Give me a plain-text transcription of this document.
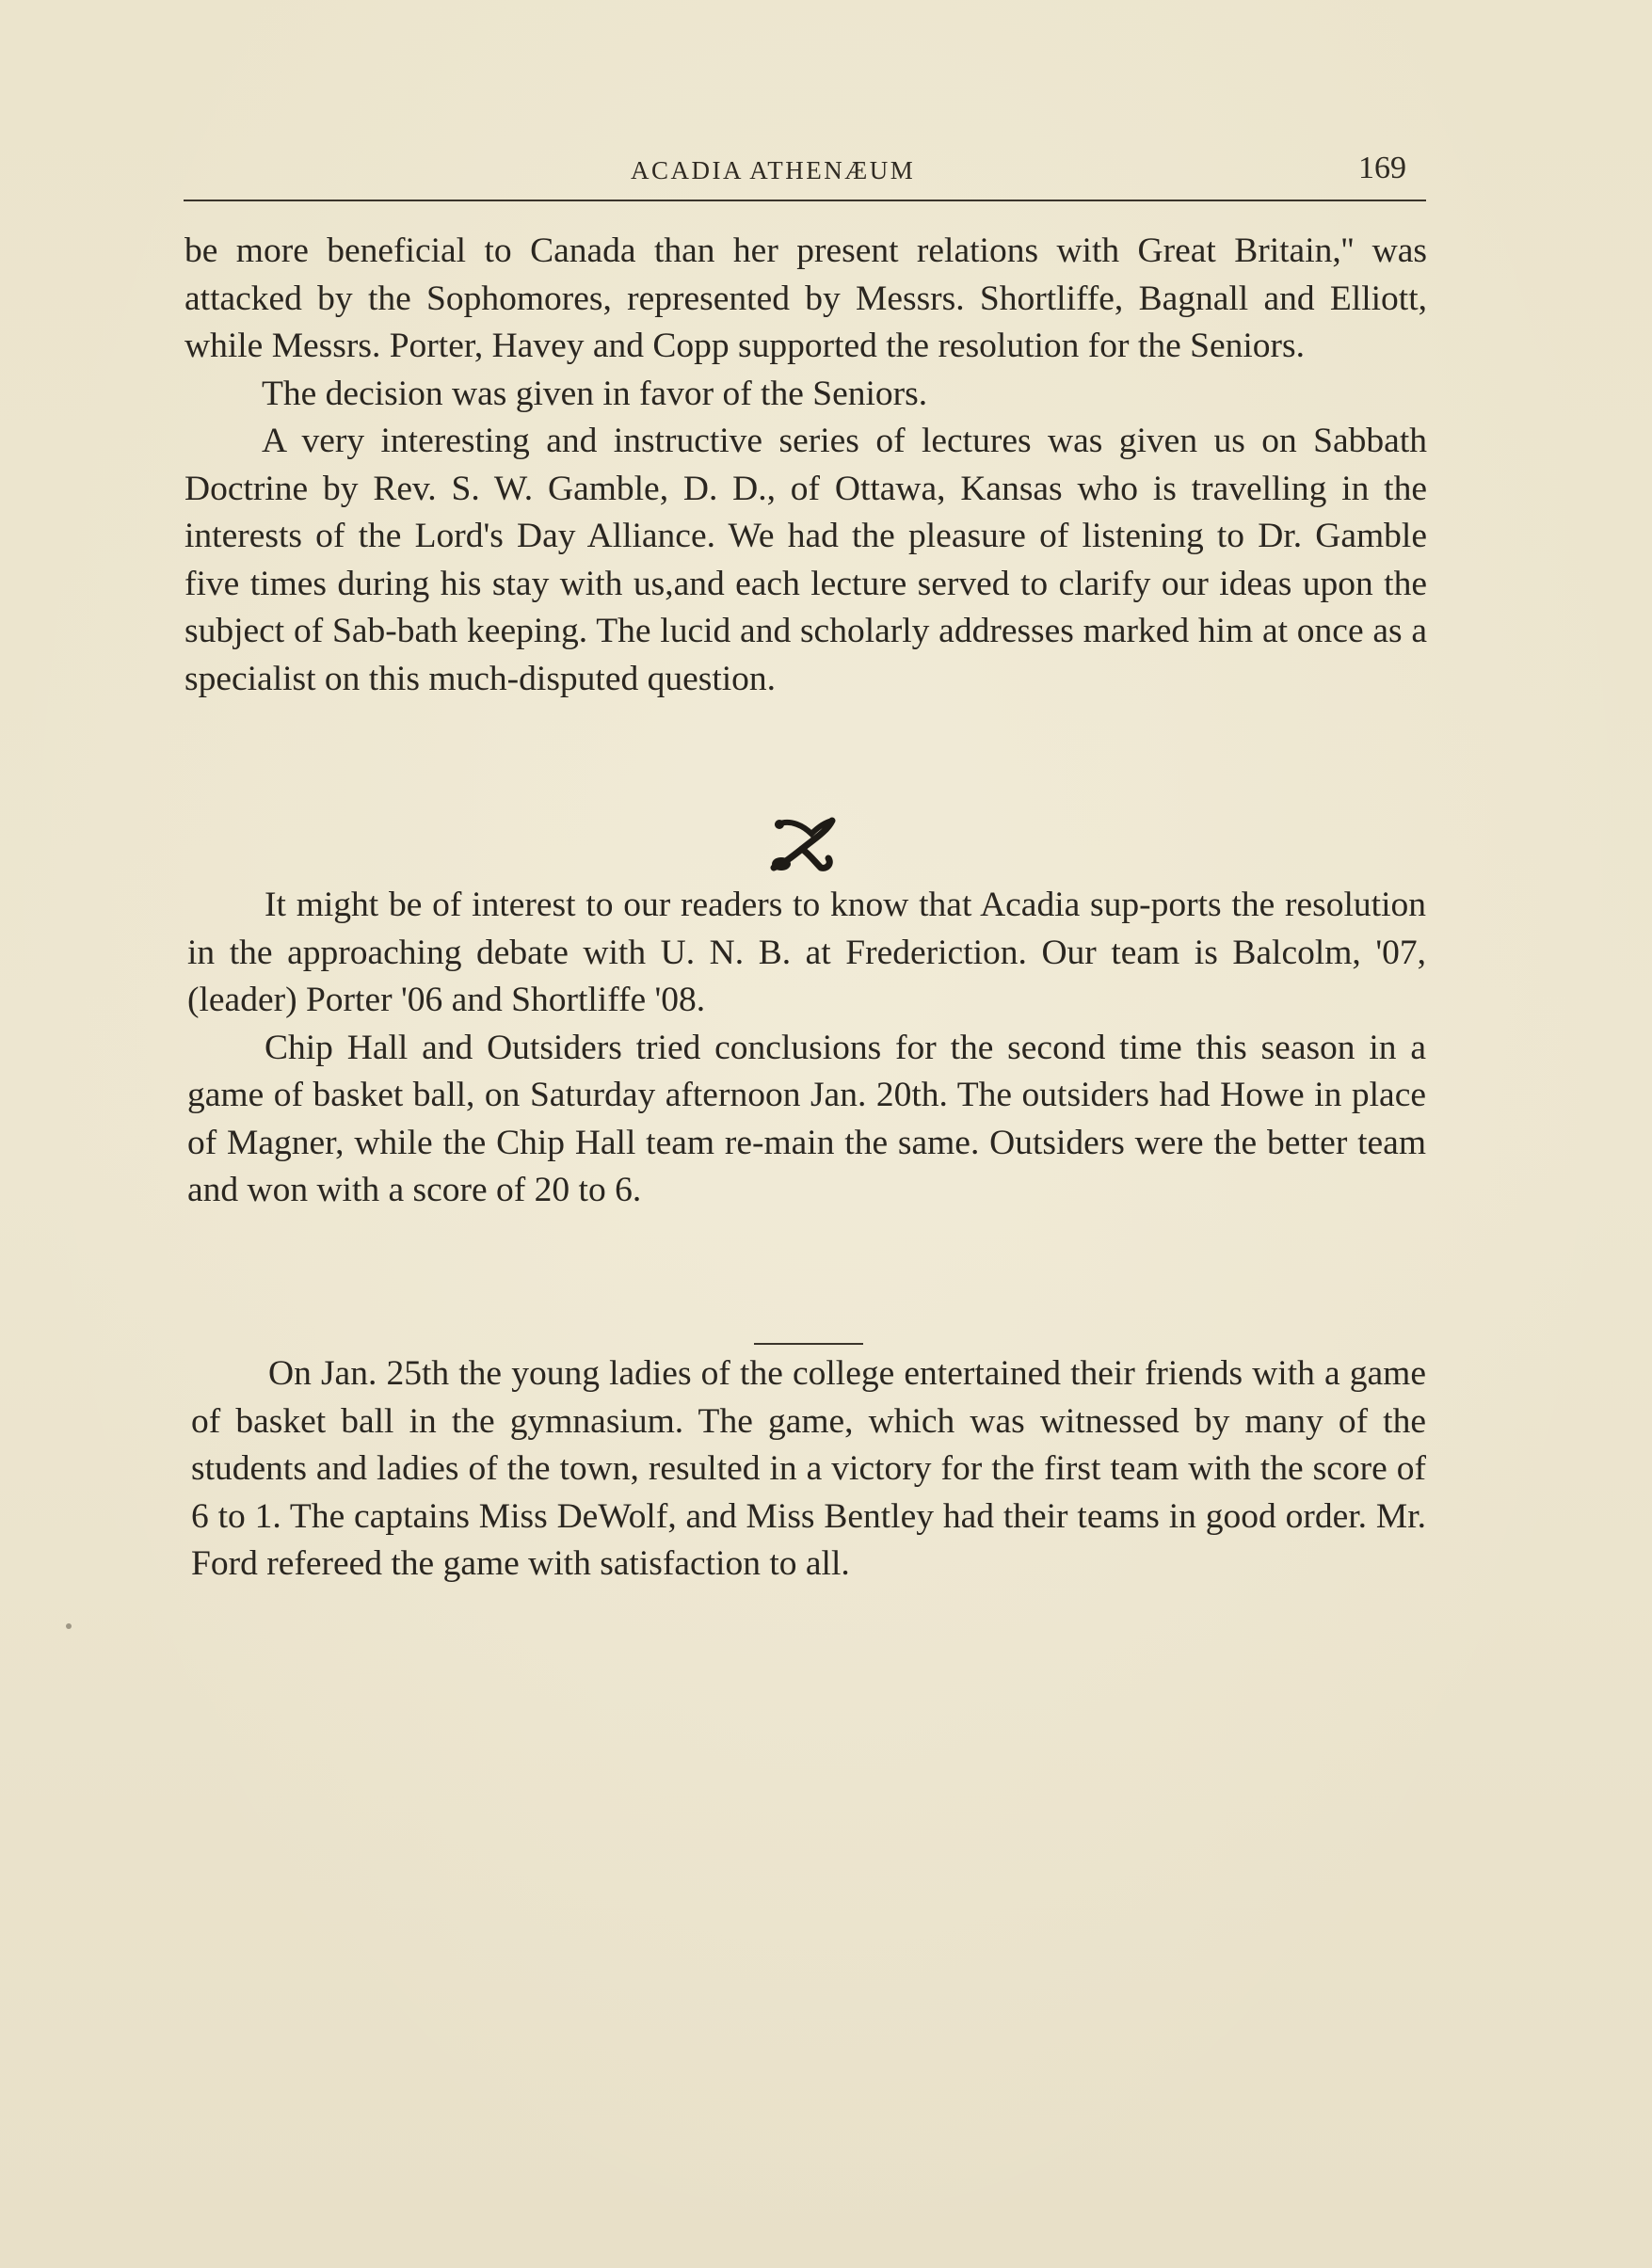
ACADIA ATHENÆUM	169

be more beneficial to Canada than her present relations with Great Britain,'' was attacked by the Sophomores, represented by Messrs. Shortliffe, Bagnall and Elliott, while Messrs. Porter, Havey and Copp supported the resolution for the Seniors.

The decision was given in favor of the Seniors.

A very interesting and instructive series of lectures was given us on Sabbath Doctrine by Rev. S. W. Gamble, D. D., of Ottawa, Kansas who is travelling in the interests of the Lord's Day Alliance. We had the pleasure of listening to Dr. Gamble five times during his stay with us,and each lecture served to clarify our ideas upon the subject of Sab-bath keeping. The lucid and scholarly addresses marked him at once as a specialist on this much-disputed question.

It might be of interest to our readers to know that Acadia sup-ports the resolution in the approaching debate with U. N. B. at Frederiction. Our team is Balcolm, '07, (leader) Porter '06 and Shortliffe '08.

Chip Hall and Outsiders tried conclusions for the second time this season in a game of basket ball, on Saturday afternoon Jan. 20th. The outsiders had Howe in place of Magner, while the Chip Hall team re-main the same. Outsiders were the better team and won with a score of 20 to 6.

On Jan. 25th the young ladies of the college entertained their friends with a game of basket ball in the gymnasium. The game, which was witnessed by many of the students and ladies of the town, resulted in a victory for the first team with the score of 6 to 1. The captains Miss DeWolf, and Miss Bentley had their teams in good order. Mr. Ford refereed the game with satisfaction to all.
